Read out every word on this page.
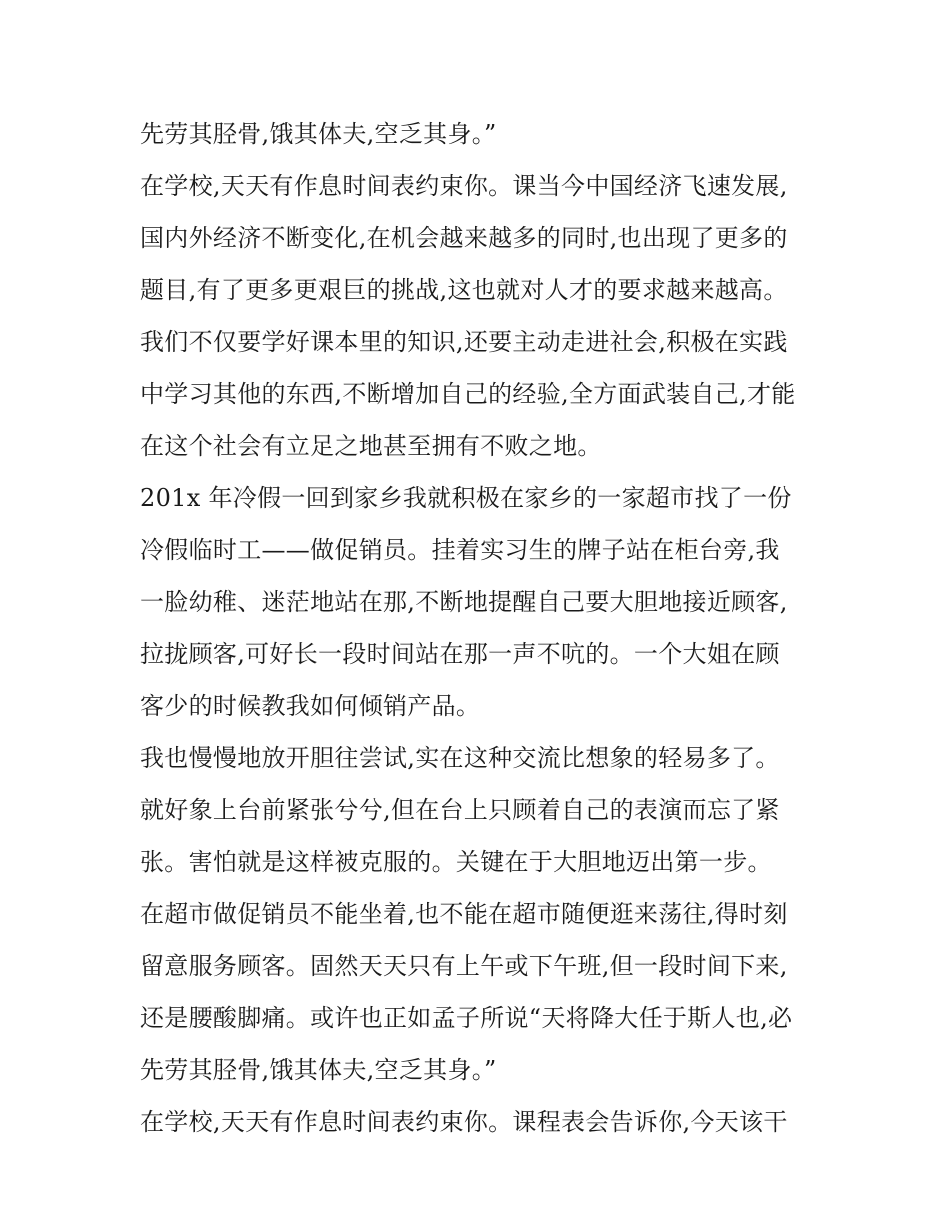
先劳其胫骨,饿其体夫,空乏其身。”
在学校,天天有作息时间表约束你。课当今中国经济飞速发展,
国内外经济不断变化,在机会越来越多的同时,也出现了更多的
题目,有了更多更艰巨的挑战,这也就对人才的要求越来越高。
我们不仅要学好课本里的知识,还要主动走进社会,积极在实践
中学习其他的东西,不断增加自己的经验,全方面武装自己,才能
在这个社会有立足之地甚至拥有不败之地。
201x 年冷假一回到家乡我就积极在家乡的一家超市找了一份
冷假临时工——做促销员。挂着实习生的牌子站在柜台旁,我
一脸幼稚、迷茫地站在那,不断地提醒自己要大胆地接近顾客,
拉拢顾客,可好长一段时间站在那一声不吭的。一个大姐在顾
客少的时候教我如何倾销产品。
我也慢慢地放开胆往尝试,实在这种交流比想象的轻易多了。
就好象上台前紧张兮兮,但在台上只顾着自己的表演而忘了紧
张。害怕就是这样被克服的。关键在于大胆地迈出第一步。
在超市做促销员不能坐着,也不能在超市随便逛来荡往,得时刻
留意服务顾客。固然天天只有上午或下午班,但一段时间下来,
还是腰酸脚痛。或许也正如孟子所说“天将降大任于斯人也,必
先劳其胫骨,饿其体夫,空乏其身。”
在学校,天天有作息时间表约束你。课程表会告诉你,今天该干
